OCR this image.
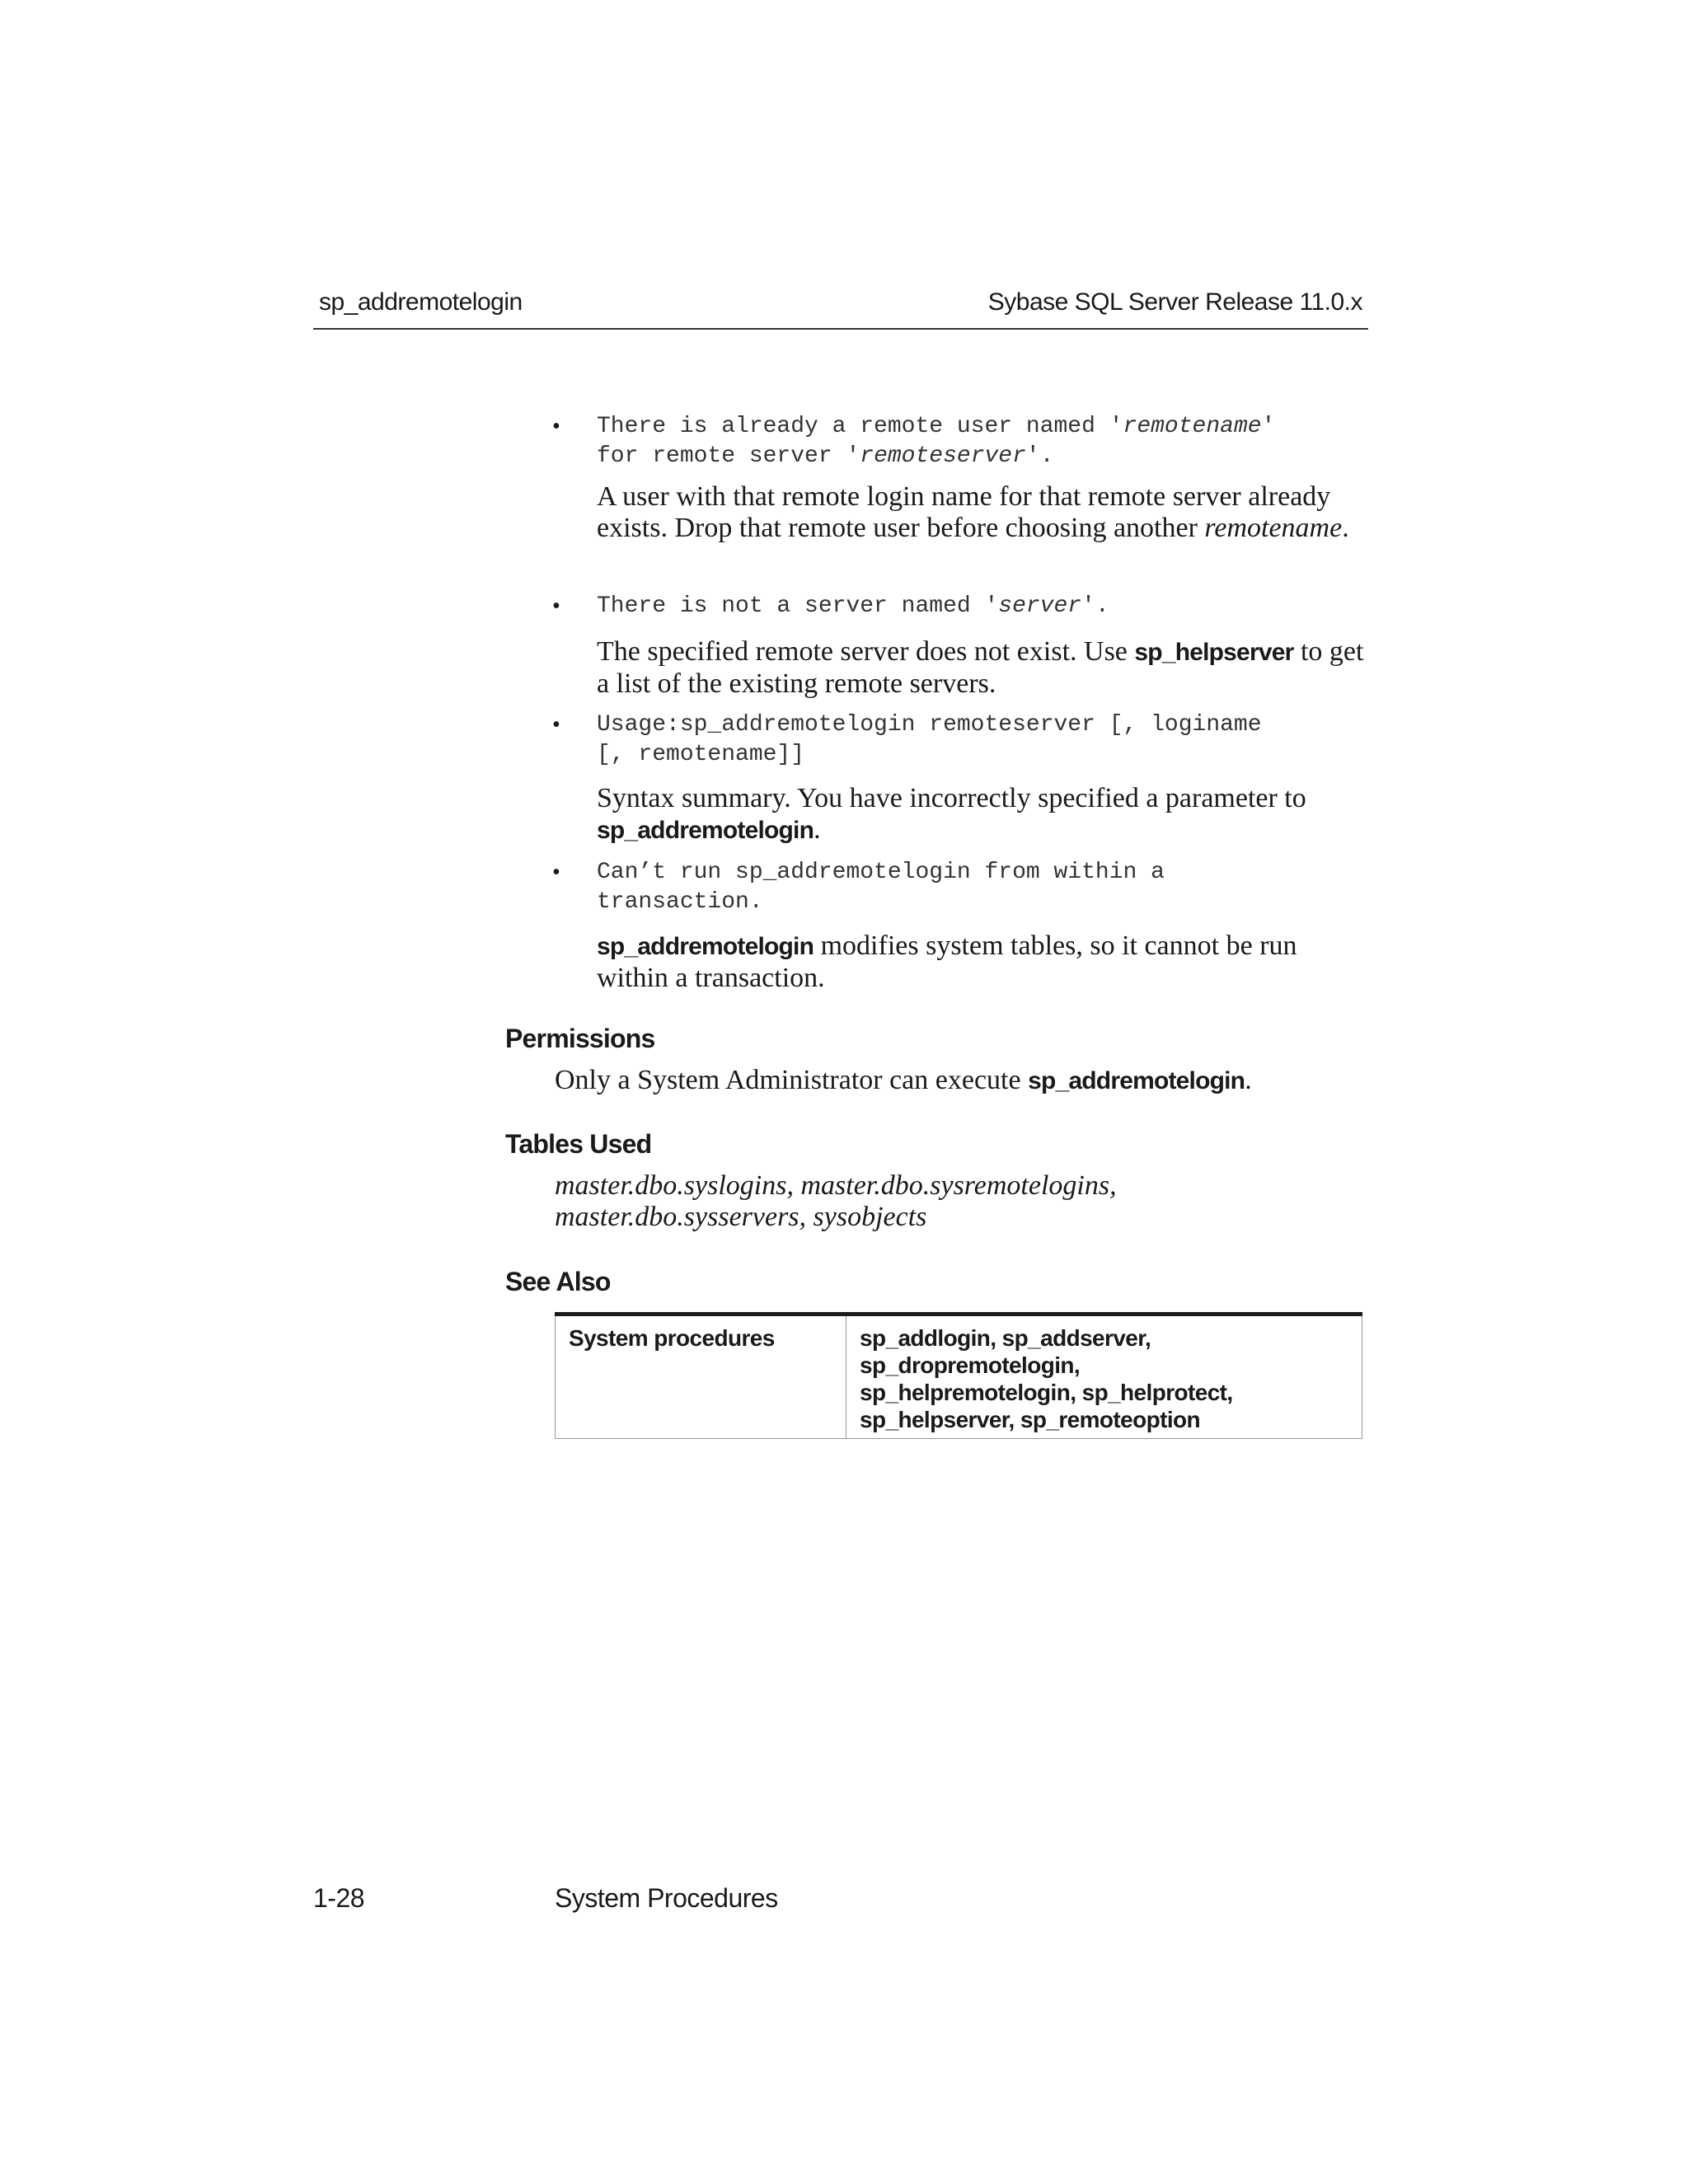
sp_addremotelogin	Sybase SQL Server Release 11.0.x
• There is already a remote user named 'remotename'
for remote server 'remoteserver'.
A user with that remote login name for that remote server already exists. Drop that remote user before choosing another remotename.
• There is not a server named 'server'.
The specified remote server does not exist. Use sp_helpserver to get a list of the existing remote servers.
• Usage:sp_addremotelogin remoteserver [, loginame
[, remotename]]
Syntax summary. You have incorrectly specified a parameter to sp_addremotelogin.
• Can’t run sp_addremotelogin from within a
transaction.
sp_addremotelogin modifies system tables, so it cannot be run within a transaction.
Permissions
Only a System Administrator can execute sp_addremotelogin.
Tables Used
master.dbo.syslogins, master.dbo.sysremotelogins, master.dbo.sysservers, sysobjects
See Also
System procedures	sp_addlogin, sp_addserver, sp_dropremotelogin,
sp_helpremotelogin, sp_helprotect,
sp_helpserver, sp_remoteoption
1-28	System Procedures
